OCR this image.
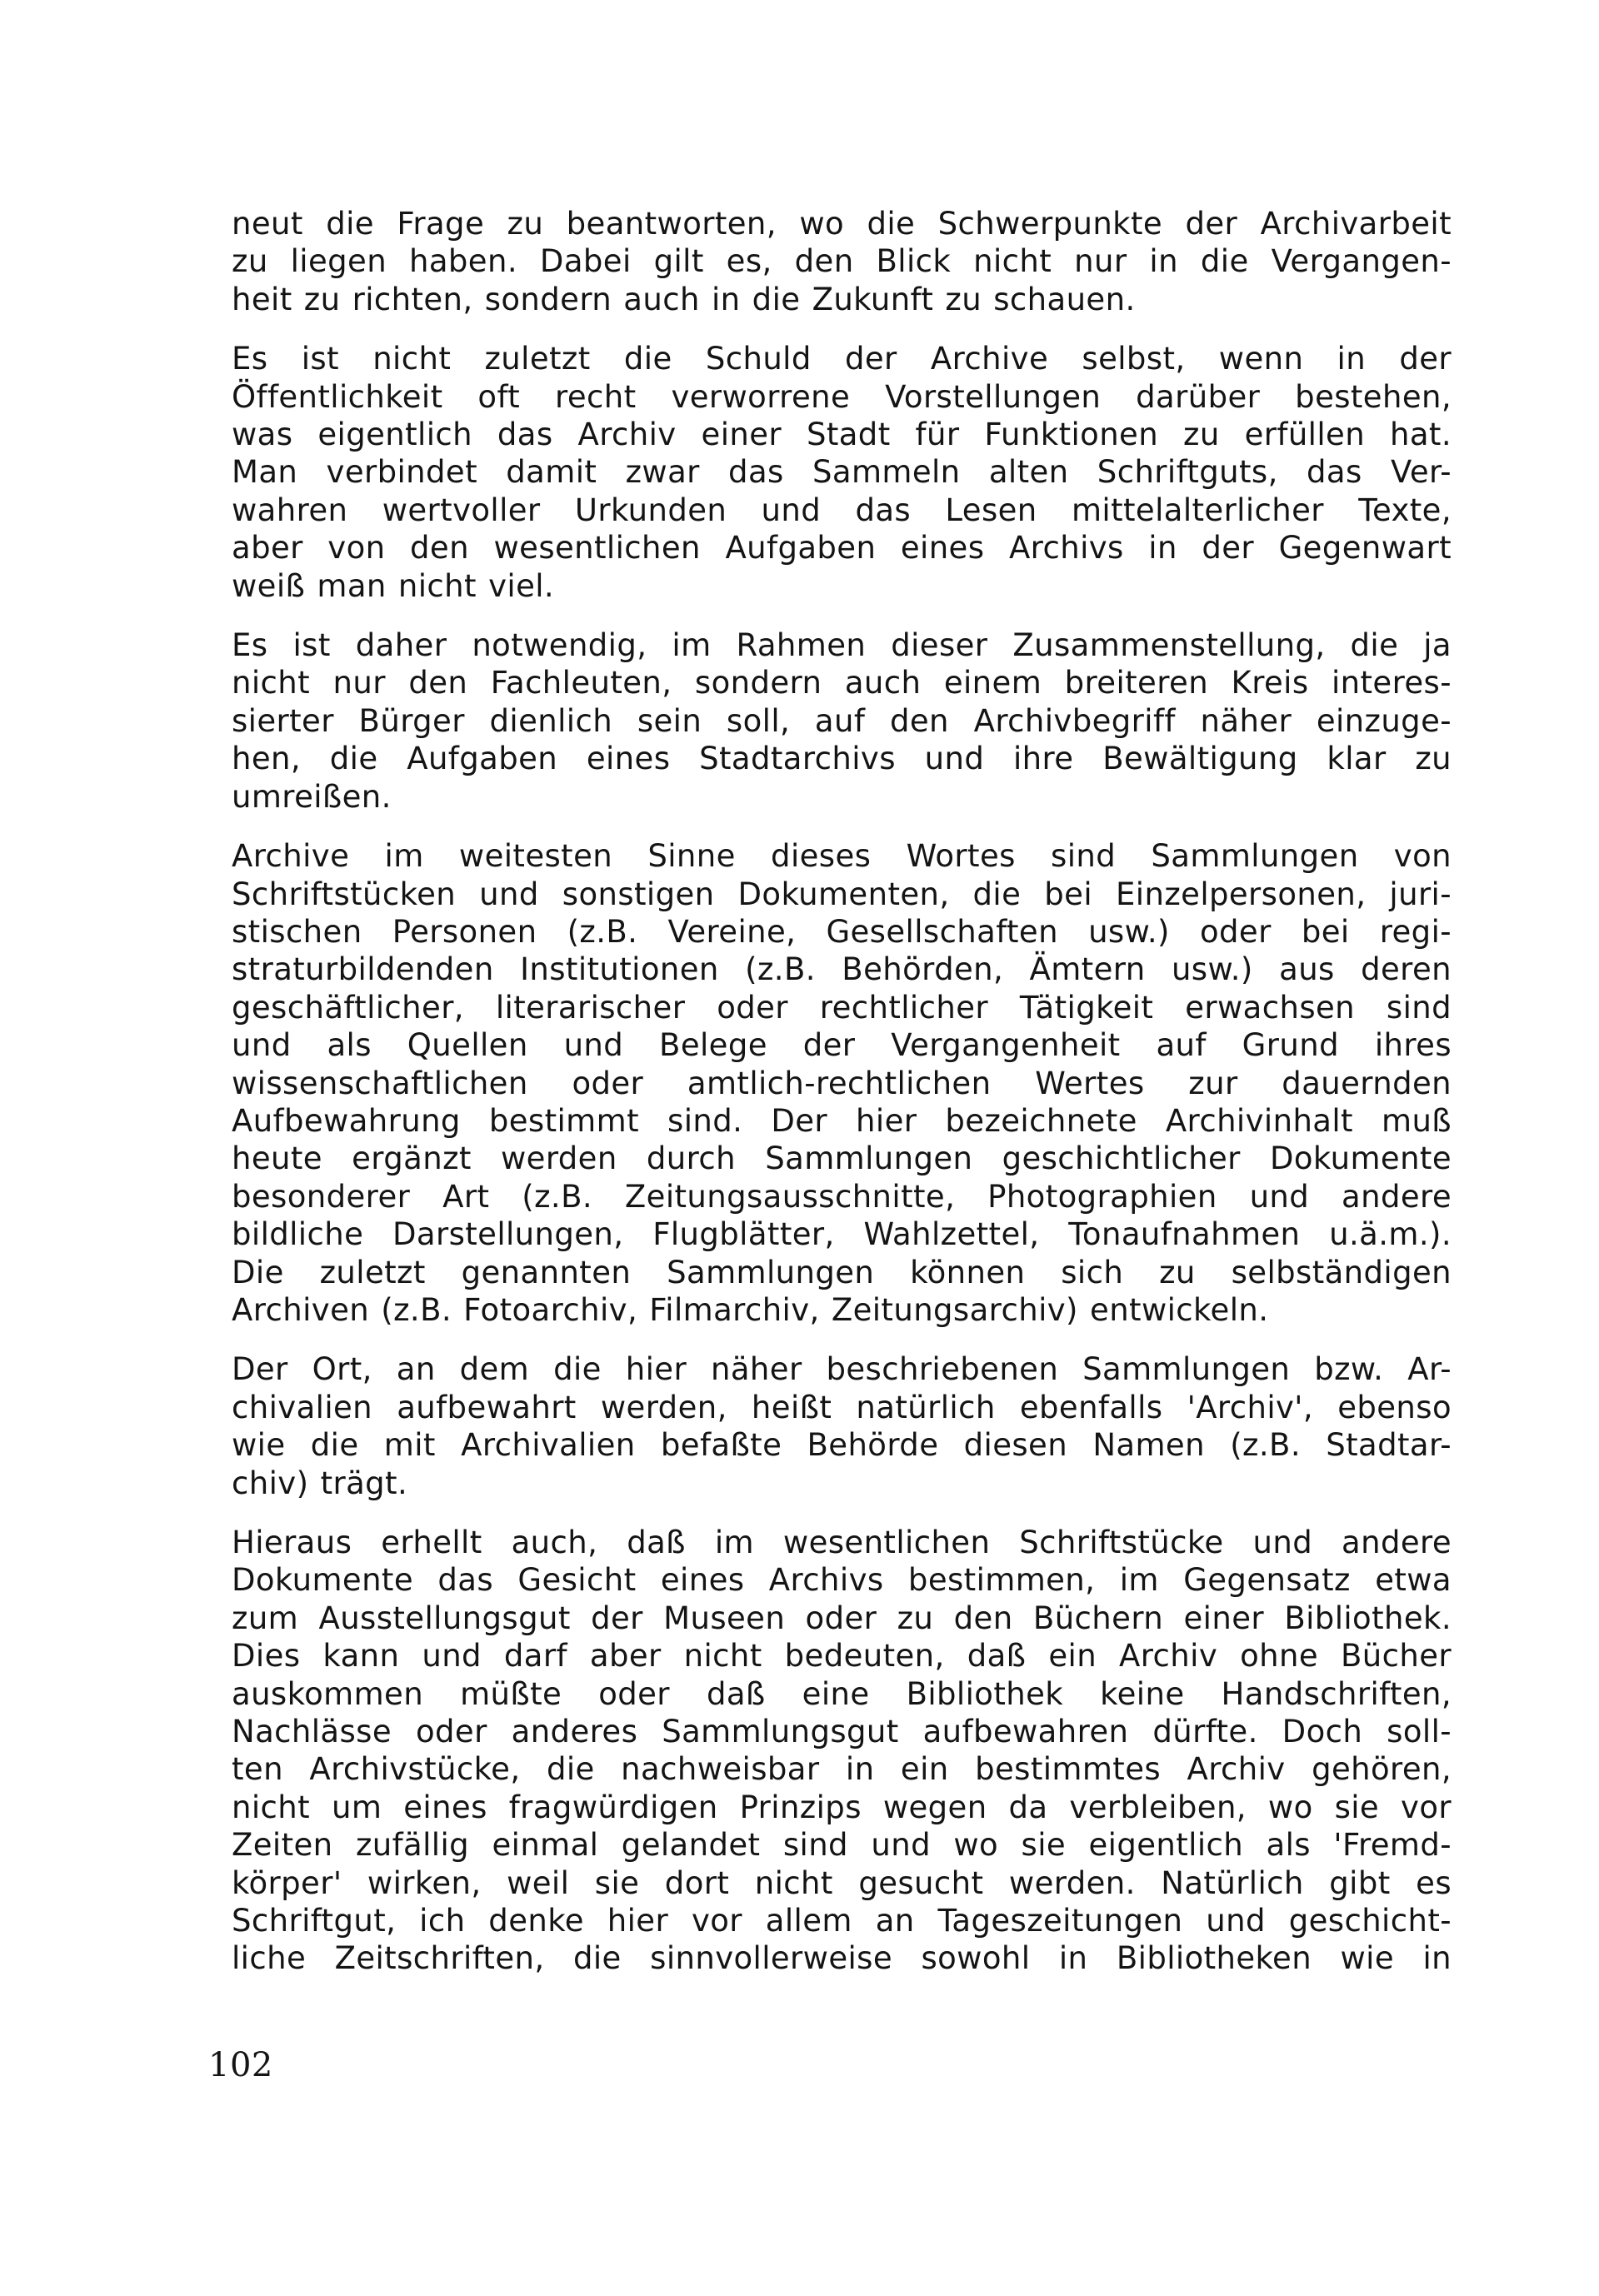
neut die Frage zu beantworten, wo die Schwerpunkte der Archivarbeit
zu liegen haben. Dabei gilt es, den Blick nicht nur in die Vergangen-
heit zu richten, sondern auch in die Zukunft zu schauen.

Es ist nicht zuletzt die Schuld der Archive selbst, wenn in der
Öffentlichkeit oft recht verworrene Vorstellungen darüber bestehen,
was eigentlich das Archiv einer Stadt für Funktionen zu erfüllen hat.
Man verbindet damit zwar das Sammeln alten Schriftguts, das Ver-
wahren wertvoller Urkunden und das Lesen mittelalterlicher Texte,
aber von den wesentlichen Aufgaben eines Archivs in der Gegenwart
weiß man nicht viel.

Es ist daher notwendig, im Rahmen dieser Zusammenstellung, die ja
nicht nur den Fachleuten, sondern auch einem breiteren Kreis interes-
sierter Bürger dienlich sein soll, auf den Archivbegriff näher einzuge-
hen, die Aufgaben eines Stadtarchivs und ihre Bewältigung klar zu
umreißen.

Archive im weitesten Sinne dieses Wortes sind Sammlungen von
Schriftstücken und sonstigen Dokumenten, die bei Einzelpersonen, juri-
stischen Personen (z.B. Vereine, Gesellschaften usw.) oder bei regi-
straturbildenden Institutionen (z.B. Behörden, Ämtern usw.) aus deren
geschäftlicher, literarischer oder rechtlicher Tätigkeit erwachsen sind
und als Quellen und Belege der Vergangenheit auf Grund ihres
wissenschaftlichen oder amtlich-rechtlichen Wertes zur dauernden
Aufbewahrung bestimmt sind. Der hier bezeichnete Archivinhalt muß
heute ergänzt werden durch Sammlungen geschichtlicher Dokumente
besonderer Art (z.B. Zeitungsausschnitte, Photographien und andere
bildliche Darstellungen, Flugblätter, Wahlzettel, Tonaufnahmen u.ä.m.).
Die zuletzt genannten Sammlungen können sich zu selbständigen
Archiven (z.B. Fotoarchiv, Filmarchiv, Zeitungsarchiv) entwickeln.

Der Ort, an dem die hier näher beschriebenen Sammlungen bzw. Ar-
chivalien aufbewahrt werden, heißt natürlich ebenfalls 'Archiv', ebenso
wie die mit Archivalien befaßte Behörde diesen Namen (z.B. Stadtar-
chiv) trägt.

Hieraus erhellt auch, daß im wesentlichen Schriftstücke und andere
Dokumente das Gesicht eines Archivs bestimmen, im Gegensatz etwa
zum Ausstellungsgut der Museen oder zu den Büchern einer Bibliothek.
Dies kann und darf aber nicht bedeuten, daß ein Archiv ohne Bücher
auskommen müßte oder daß eine Bibliothek keine Handschriften,
Nachlässe oder anderes Sammlungsgut aufbewahren dürfte. Doch soll-
ten Archivstücke, die nachweisbar in ein bestimmtes Archiv gehören,
nicht um eines fragwürdigen Prinzips wegen da verbleiben, wo sie vor
Zeiten zufällig einmal gelandet sind und wo sie eigentlich als 'Fremd-
körper' wirken, weil sie dort nicht gesucht werden. Natürlich gibt es
Schriftgut, ich denke hier vor allem an Tageszeitungen und geschicht-
liche Zeitschriften, die sinnvollerweise sowohl in Bibliotheken wie in

102
